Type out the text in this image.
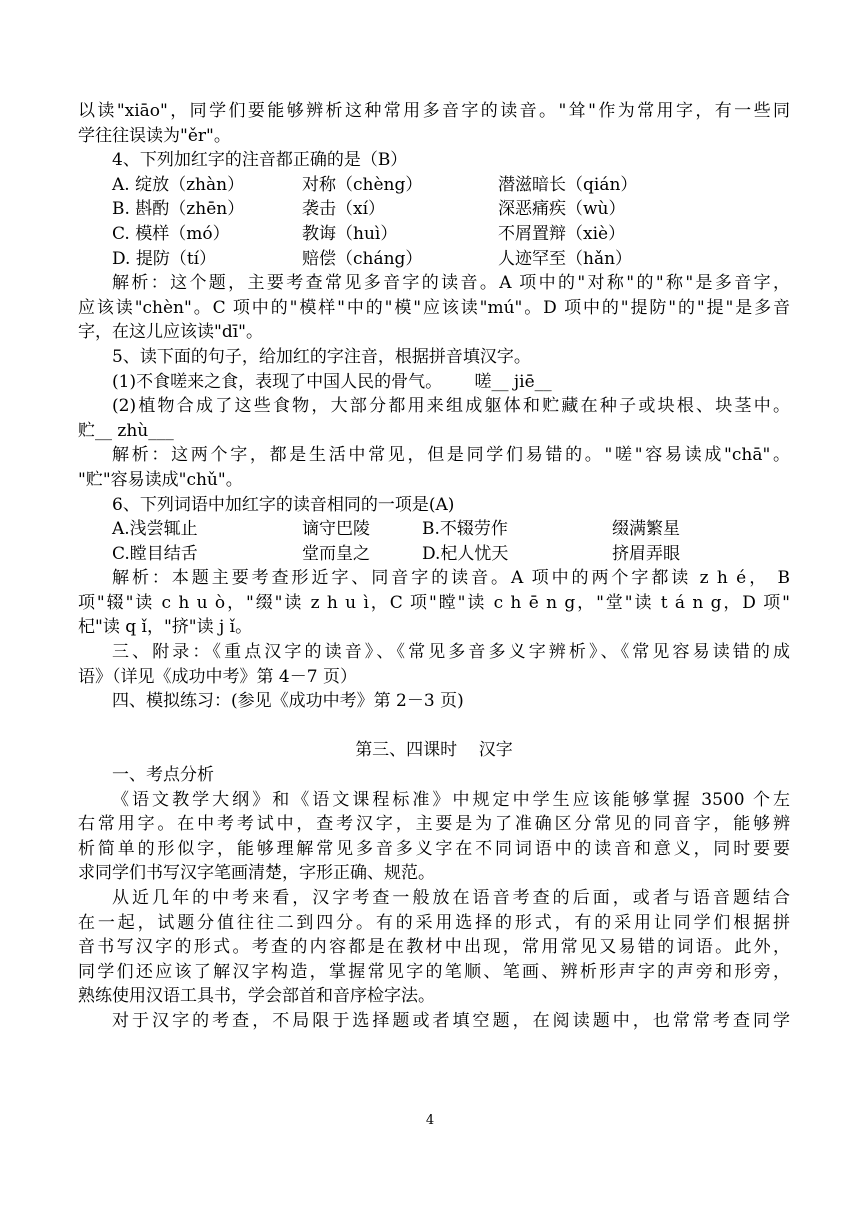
以读"xiāo"，同学们要能够辨析这种常用多音字的读音。"耸"作为常用字，有一些同
学往往误读为"ěr"。
4、下列加红字的注音都正确的是（B）
A. 绽放（zhàn）	对称（chèng）	潜滋暗长（qián）
B. 斟酌（zhēn）	袭击（xí）	深恶痛疾（wù）
C. 模样（mó）	教诲（huì）	不屑置辩（xiè）
D. 提防（tí）	赔偿（cháng）	人迹罕至（hǎn）
解析：这个题，主要考查常见多音字的读音。A 项中的"对称"的"称"是多音字，
应该读"chèn"。C 项中的"模样"中的"模"应该读"mú"。D 项中的"提防"的"提"是多音
字，在这儿应该读"dī"。
5、读下面的句子，给加红的字注音，根据拼音填汉字。
(1)不食嗟来之食，表现了中国人民的骨气。      嗟__ jiē__
(2)植物合成了这些食物，大部分都用来组成躯体和贮藏在种子或块根、块茎中。
贮__ zhù___
解析：这两个字，都是生活中常见，但是同学们易错的。"嗟"容易读成"chā"。
"贮"容易读成"chǔ"。
6、下列词语中加红字的读音相同的一项是(A)
A.浅尝辄止	谪守巴陵	B.不辍劳作	缀满繁星
C.瞠目结舌	堂而皇之	D.杞人忧天	挤眉弄眼
解析：本题主要考查形近字、同音字的读音。A 项中的两个字都读 z h é， B
项"辍"读 c h u ò，"缀"读 z h u ì，C 项"瞠"读 c h ē n g，"堂"读 t á n g，D 项"
杞"读 q ǐ，"挤"读 j ǐ。
三、附录：《重点汉字的读音》、《常见多音多义字辨析》、《常见容易读错的成
语》（详见《成功中考》第 4－7 页）
四、模拟练习：(参见《成功中考》第 2－3 页)
第三、四课时    汉字
一、考点分析
《语文教学大纲》和《语文课程标准》中规定中学生应该能够掌握 3500 个左
右常用字。在中考考试中，查考汉字，主要是为了准确区分常见的同音字，能够辨
析简单的形似字，能够理解常见多音多义字在不同词语中的读音和意义，同时要要
求同学们书写汉字笔画清楚，字形正确、规范。
从近几年的中考来看，汉字考查一般放在语音考查的后面，或者与语音题结合
在一起，试题分值往往二到四分。有的采用选择的形式，有的采用让同学们根据拼
音书写汉字的形式。考查的内容都是在教材中出现，常用常见又易错的词语。此外，
同学们还应该了解汉字构造，掌握常见字的笔顺、笔画、辨析形声字的声旁和形旁，
熟练使用汉语工具书，学会部首和音序检字法。
对于汉字的考查，不局限于选择题或者填空题，在阅读题中，也常常考查同学
4
